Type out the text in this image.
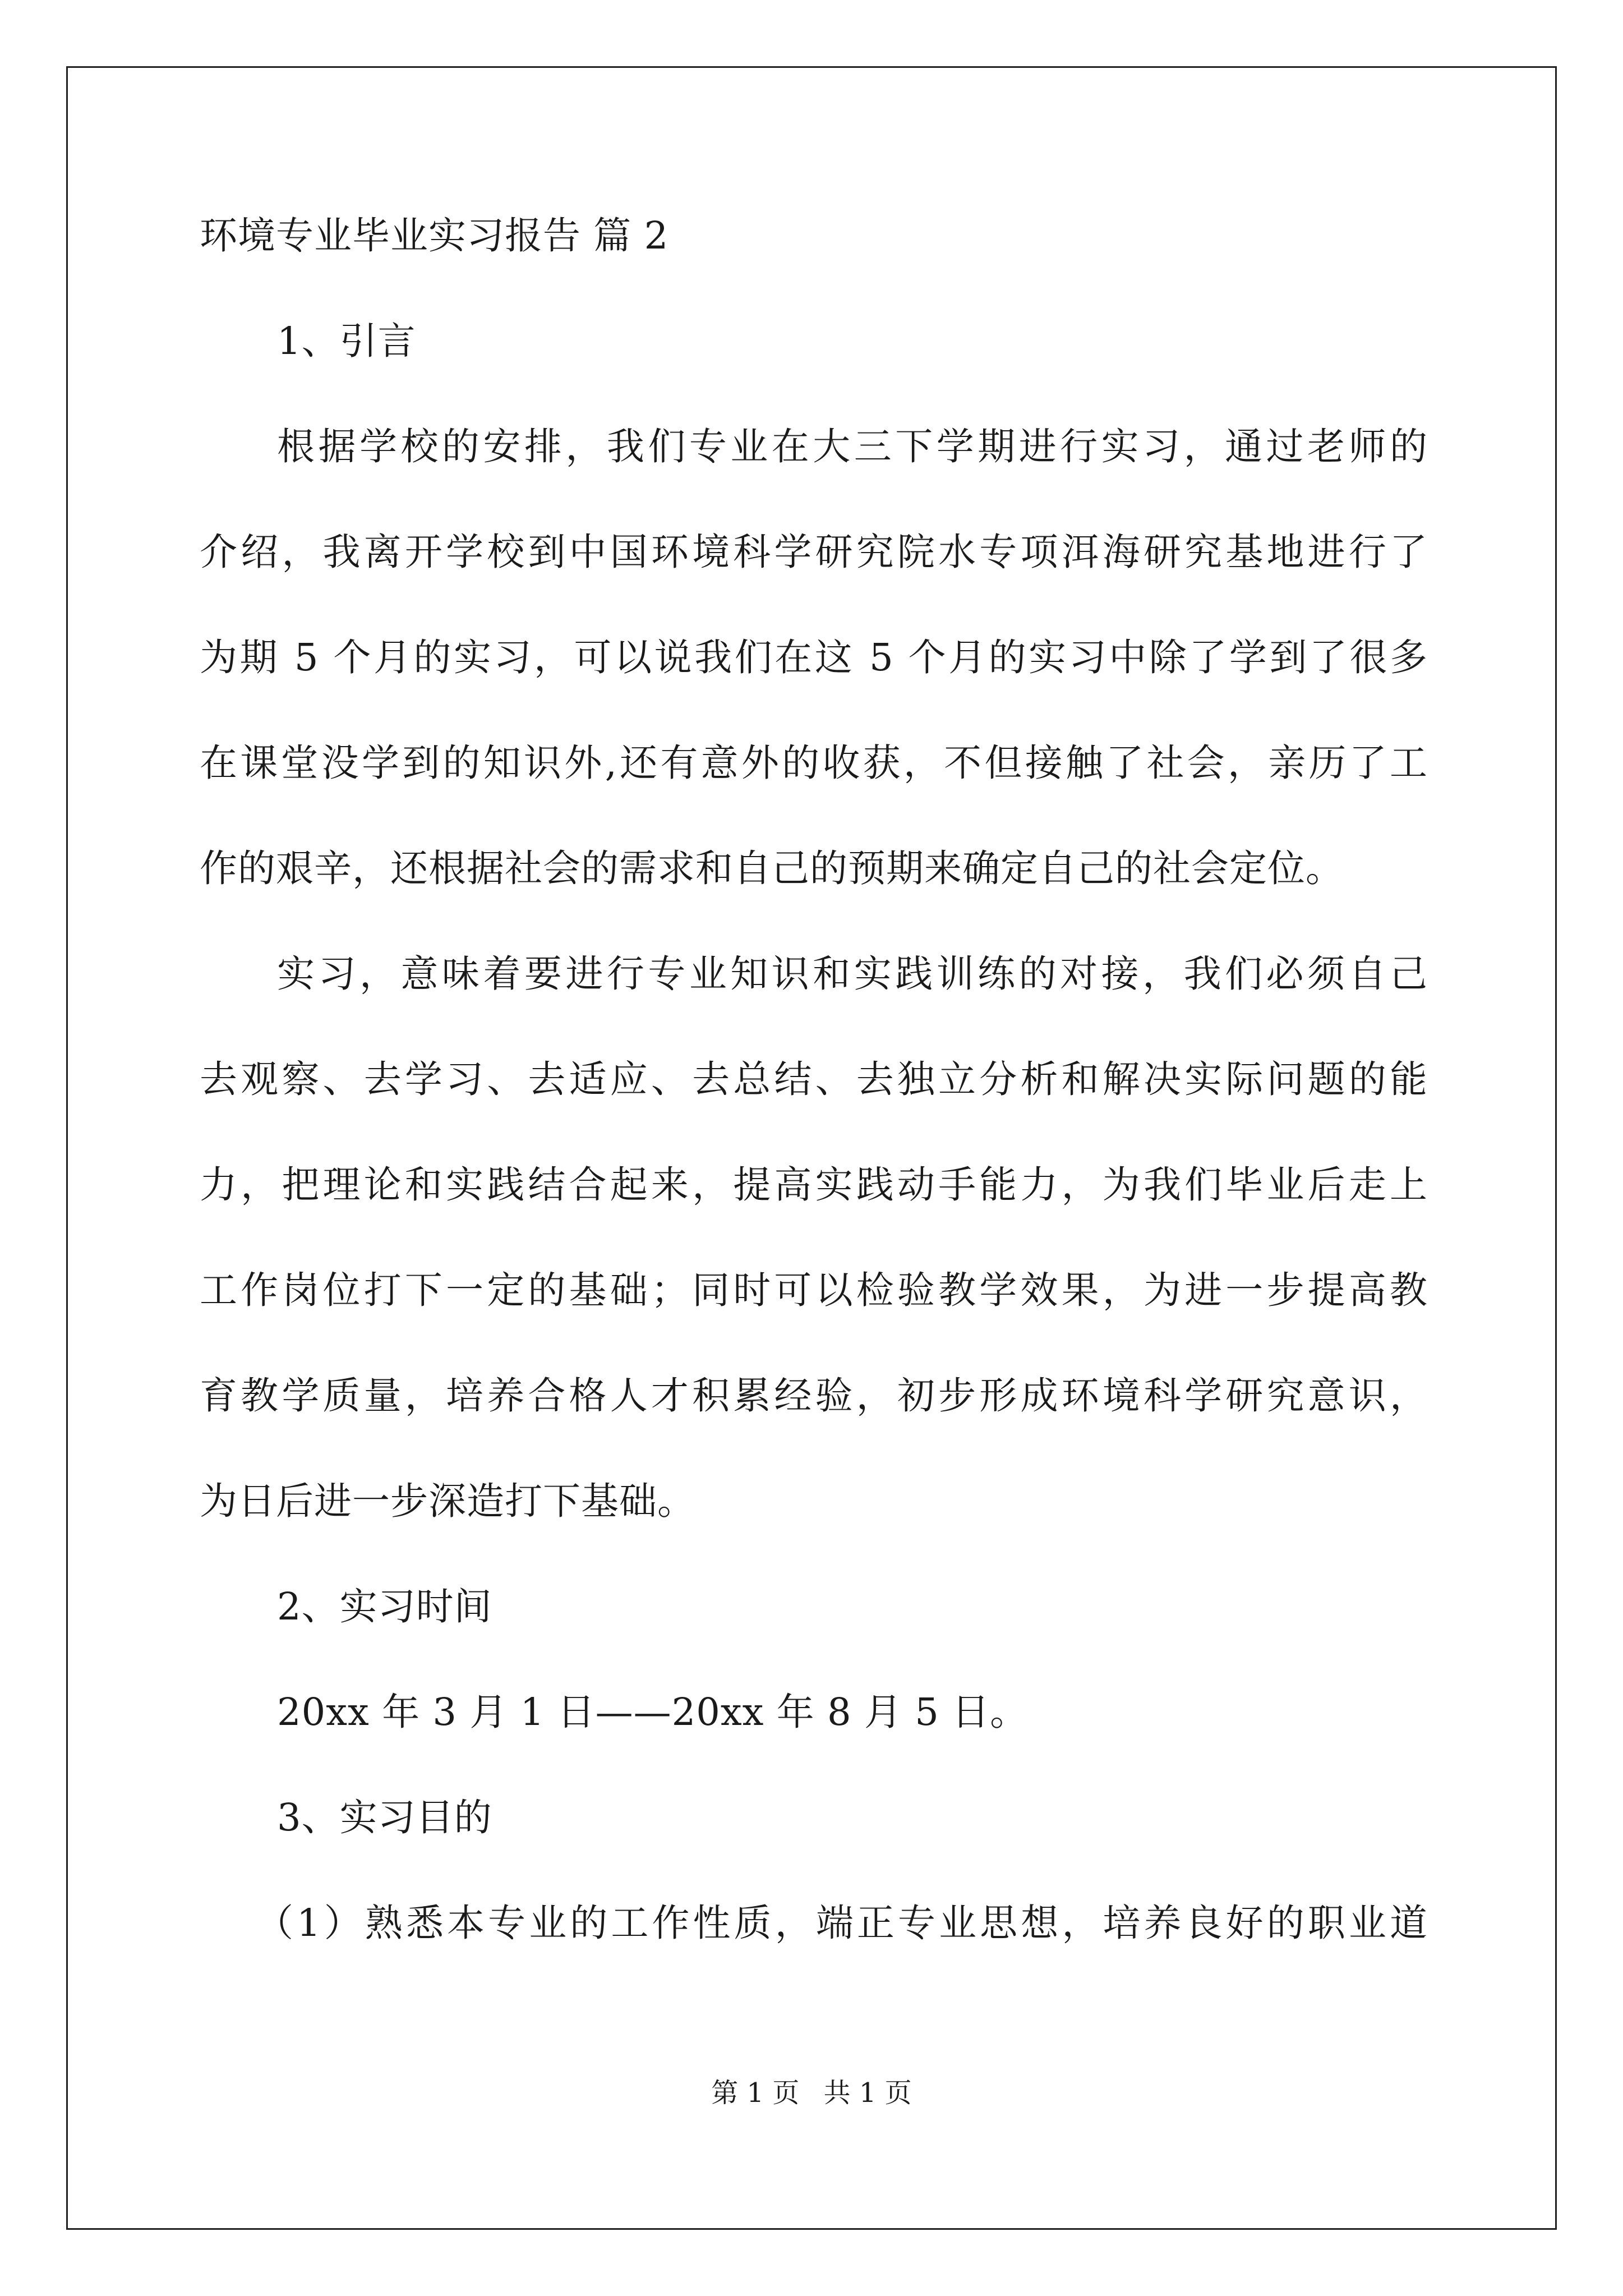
环境专业毕业实习报告 篇 2
1、引言
根据学校的安排，我们专业在大三下学期进行实习，通过老师的
介绍，我离开学校到中国环境科学研究院水专项洱海研究基地进行了
为期 5 个月的实习，可以说我们在这 5 个月的实习中除了学到了很多
在课堂没学到的知识外,还有意外的收获，不但接触了社会，亲历了工
作的艰辛，还根据社会的需求和自己的预期来确定自己的社会定位。
实习，意味着要进行专业知识和实践训练的对接，我们必须自己
去观察、去学习、去适应、去总结、去独立分析和解决实际问题的能
力，把理论和实践结合起来，提高实践动手能力，为我们毕业后走上
工作岗位打下一定的基础；同时可以检验教学效果，为进一步提高教
育教学质量，培养合格人才积累经验，初步形成环境科学研究意识，
为日后进一步深造打下基础。
2、实习时间
20xx 年 3 月 1 日——20xx 年 8 月 5 日。
3、实习目的
（1）熟悉本专业的工作性质，端正专业思想，培养良好的职业道
第 1 页 共 1 页
